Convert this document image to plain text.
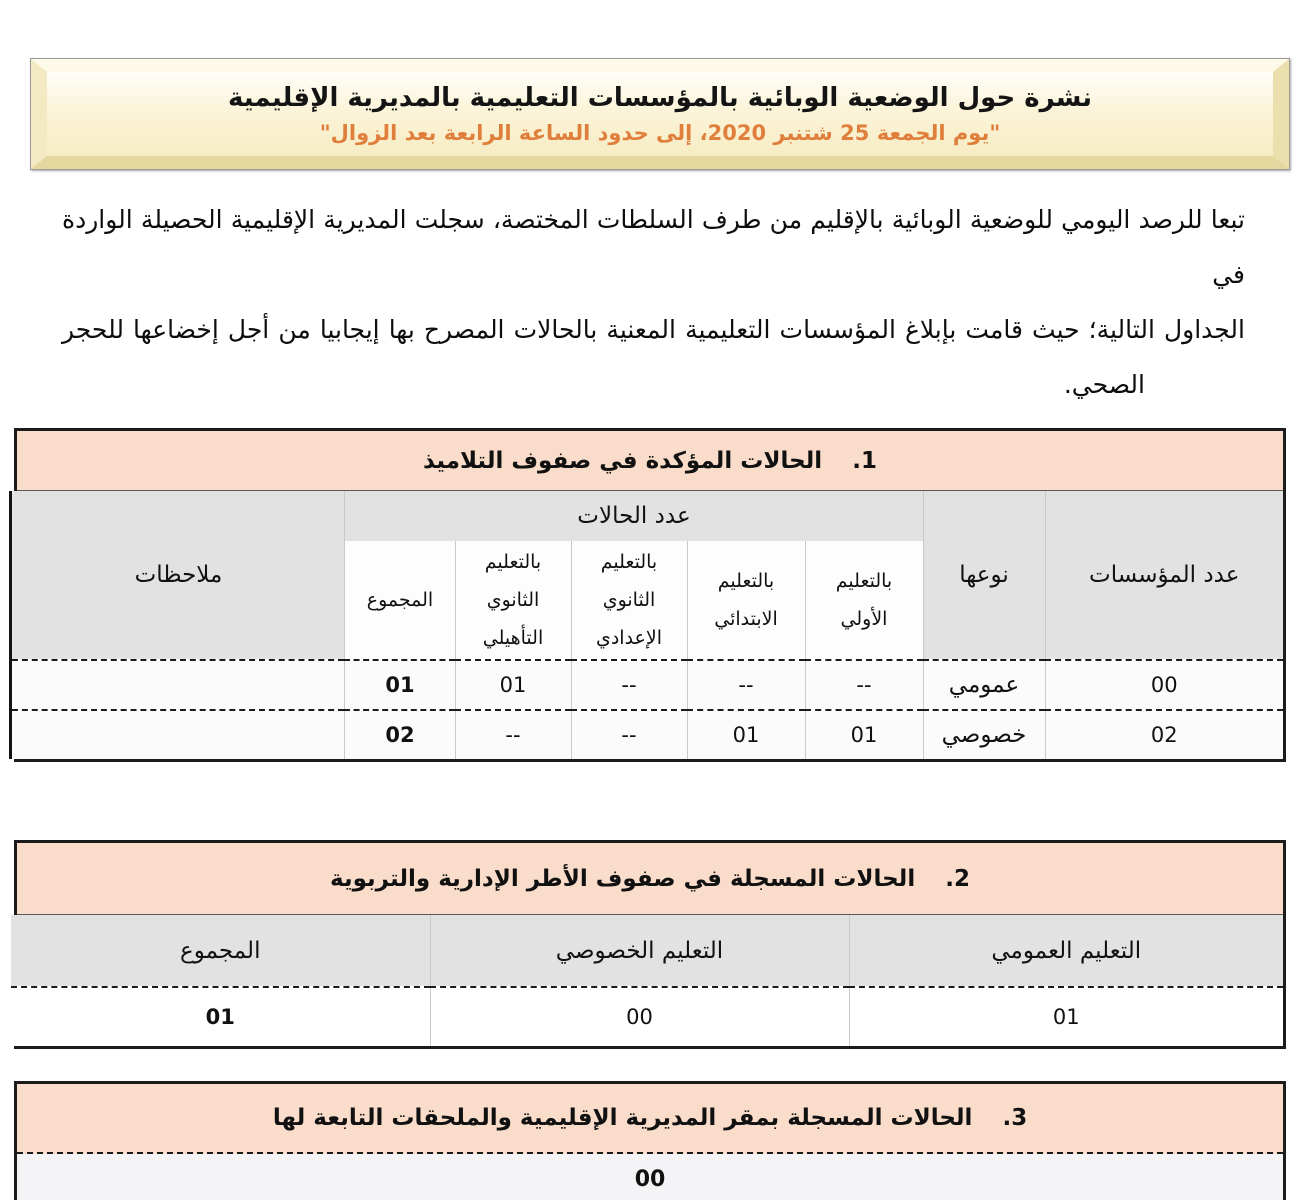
نشرة حول الوضعية الوبائية بالمؤسسات التعليمية بالمديرية الإقليمية
"يوم الجمعة 25 شتنبر 2020، إلى حدود الساعة الرابعة بعد الزوال"
تبعا للرصد اليومي للوضعية الوبائية بالإقليم من طرف السلطات المختصة، سجلت المديرية الإقليمية الحصيلة الواردة في
الجداول التالية؛ حيث قامت بإبلاغ المؤسسات التعليمية المعنية بالحالات المصرح بها إيجابيا من أجل إخضاعها للحجر
الصحي.
1.
الحالات المؤكدة في صفوف التلاميذ
عدد المؤسسات	نوعها	عدد الحالات					ملاحظات
		بالتعليم الأولي	بالتعليم الابتدائي	بالتعليم الثانوي الإعدادي	بالتعليم الثانوي التأهيلي	المجموع	
00	عمومي	--	--	--	01	01	
02	خصوصي	01	01	--	--	02	
2.
الحالات المسجلة في صفوف الأطر الإدارية والتربوية
التعليم العمومي	التعليم الخصوصي	المجموع
01	00	01
3.
الحالات المسجلة بمقر المديرية الإقليمية والملحقات التابعة لها
00
